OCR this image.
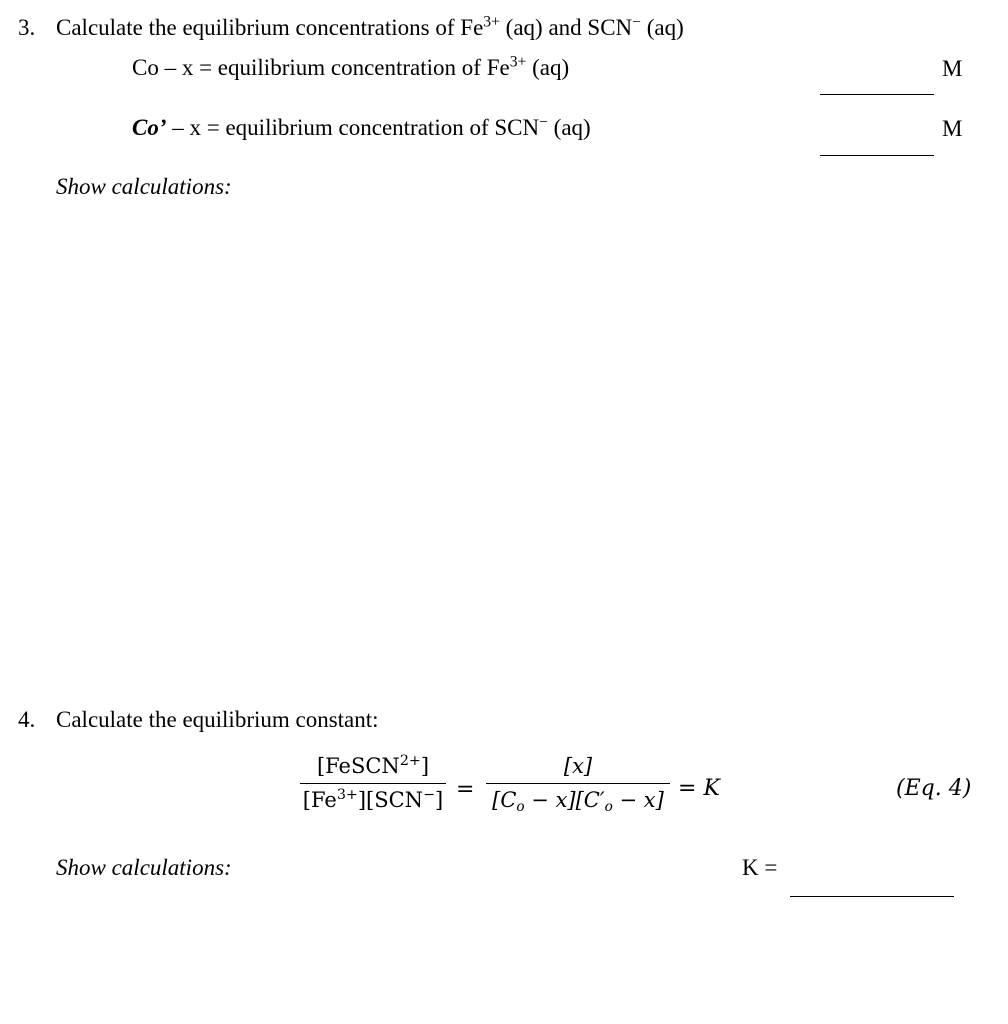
3. Calculate the equilibrium concentrations of $Fe^{3+}$ (aq) and SCN− (aq)
Co – x = equilibrium concentration of $Fe^{3+}$ (aq)	M
Co’ – x = equilibrium concentration of SCN− (aq)	M
Show calculations:
4. Calculate the equilibrium constant:
[FeSCN$^{2+}$]
$[Fe^{3+}][SCN^-]$ =
[x]
$[C_o - x][C'_o - x] = K$	(Eq. 4)
Show calculations:	K =
